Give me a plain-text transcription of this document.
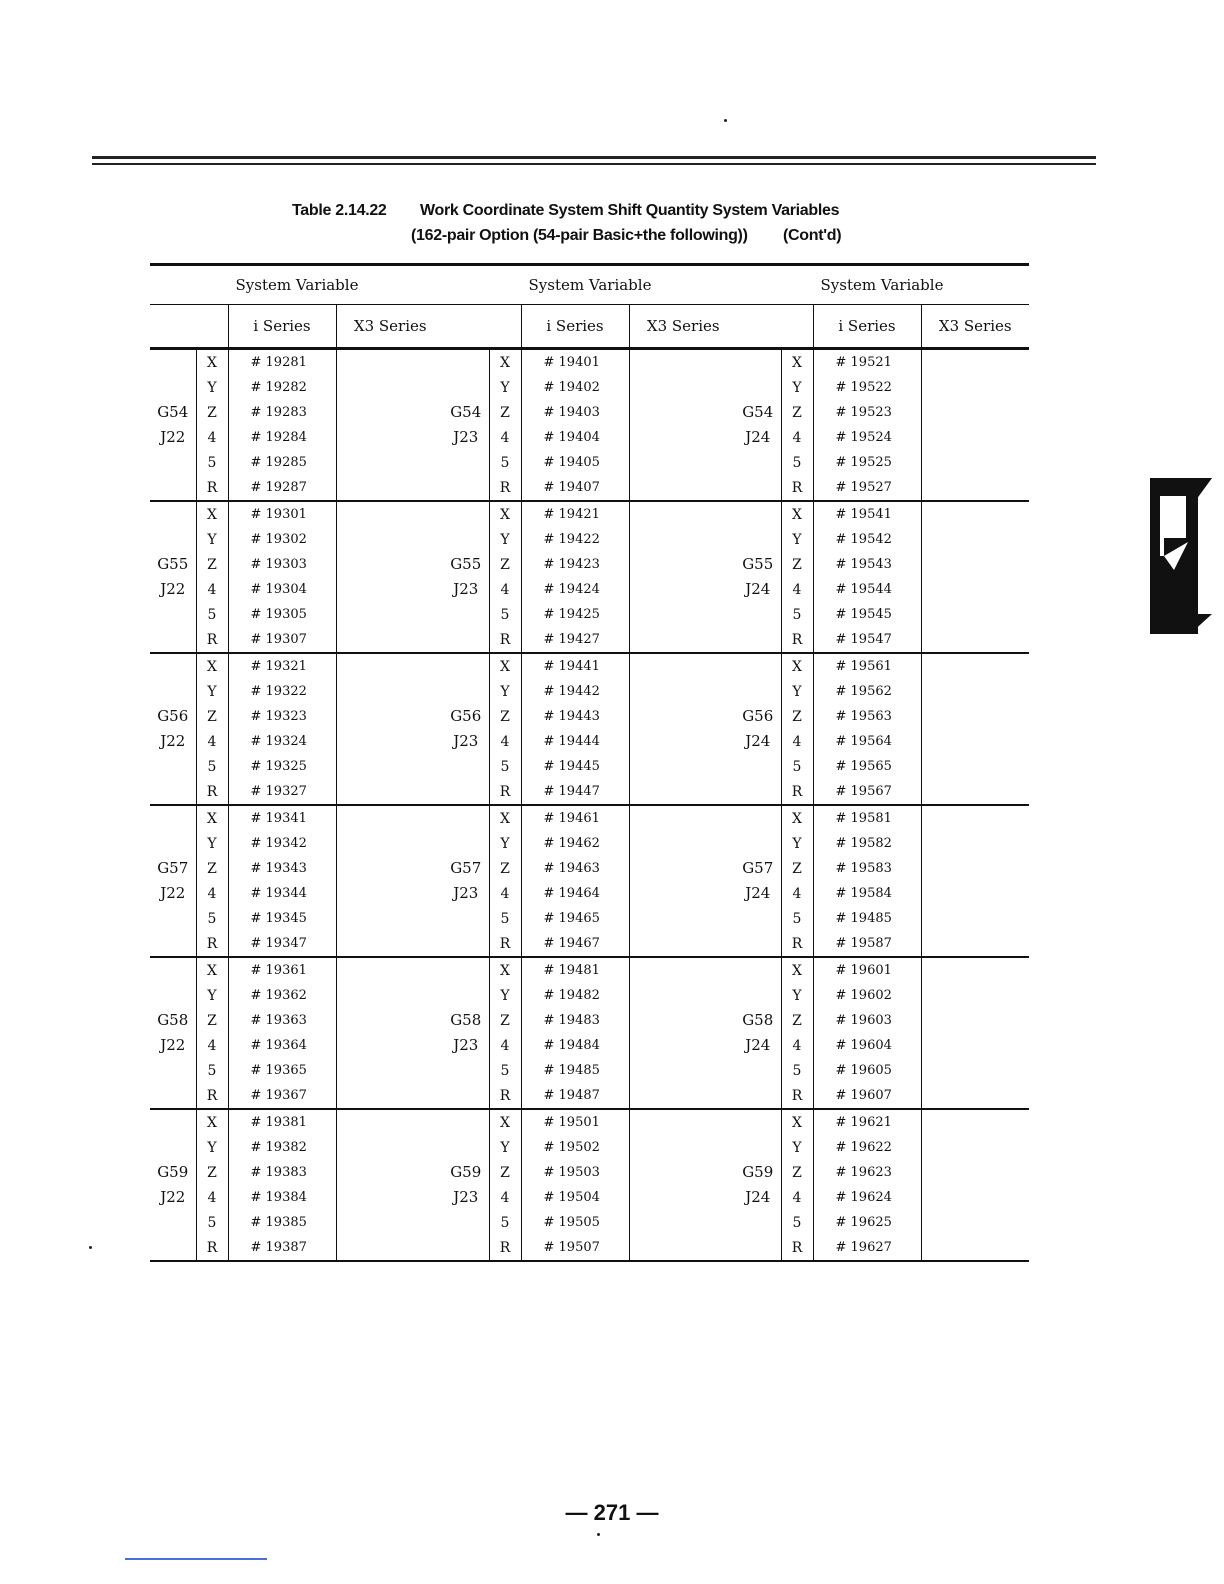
Table 2.14.22 Work Coordinate System Shift Quantity System Variables
(162-pair Option (54-pair Basic+the following)) (Cont'd)
System Variable			
		i Series	X3 Series
	X	# 19281	
	Y	# 19282	
G54	Z	# 19283	
J22	4	# 19284	
	5	# 19285	
	R	# 19287	
	X	# 19301	
	Y	# 19302	
G55	Z	# 19303	
J22	4	# 19304	
	5	# 19305	
	R	# 19307	
	X	# 19321	
	Y	# 19322	
G56	Z	# 19323	
J22	4	# 19324	
	5	# 19325	
	R	# 19327	
	X	# 19341	
	Y	# 19342	
G57	Z	# 19343	
J22	4	# 19344	
	5	# 19345	
	R	# 19347	
	X	# 19361	
	Y	# 19362	
G58	Z	# 19363	
J22	4	# 19364	
	5	# 19365	
	R	# 19367	
	X	# 19381	
	Y	# 19382	
G59	Z	# 19383	
J22	4	# 19384	
	5	# 19385	
	R	# 19387	
System Variable			
		i Series	X3 Series
	X	# 19401	
	Y	# 19402	
G54	Z	# 19403	
J23	4	# 19404	
	5	# 19405	
	R	# 19407	
	X	# 19421	
	Y	# 19422	
G55	Z	# 19423	
J23	4	# 19424	
	5	# 19425	
	R	# 19427	
	X	# 19441	
	Y	# 19442	
G56	Z	# 19443	
J23	4	# 19444	
	5	# 19445	
	R	# 19447	
	X	# 19461	
	Y	# 19462	
G57	Z	# 19463	
J23	4	# 19464	
	5	# 19465	
	R	# 19467	
	X	# 19481	
	Y	# 19482	
G58	Z	# 19483	
J23	4	# 19484	
	5	# 19485	
	R	# 19487	
	X	# 19501	
	Y	# 19502	
G59	Z	# 19503	
J23	4	# 19504	
	5	# 19505	
	R	# 19507	
System Variable			
		i Series	X3 Series
	X	# 19521	
	Y	# 19522	
G54	Z	# 19523	
J24	4	# 19524	
	5	# 19525	
	R	# 19527	
	X	# 19541	
	Y	# 19542	
G55	Z	# 19543	
J24	4	# 19544	
	5	# 19545	
	R	# 19547	
	X	# 19561	
	Y	# 19562	
G56	Z	# 19563	
J24	4	# 19564	
	5	# 19565	
	R	# 19567	
	X	# 19581	
	Y	# 19582	
G57	Z	# 19583	
J24	4	# 19584	
	5	# 19485	
	R	# 19587	
	X	# 19601	
	Y	# 19602	
G58	Z	# 19603	
J24	4	# 19604	
	5	# 19605	
	R	# 19607	
	X	# 19621	
	Y	# 19622	
G59	Z	# 19623	
J24	4	# 19624	
	5	# 19625	
	R	# 19627	
— 271 —
